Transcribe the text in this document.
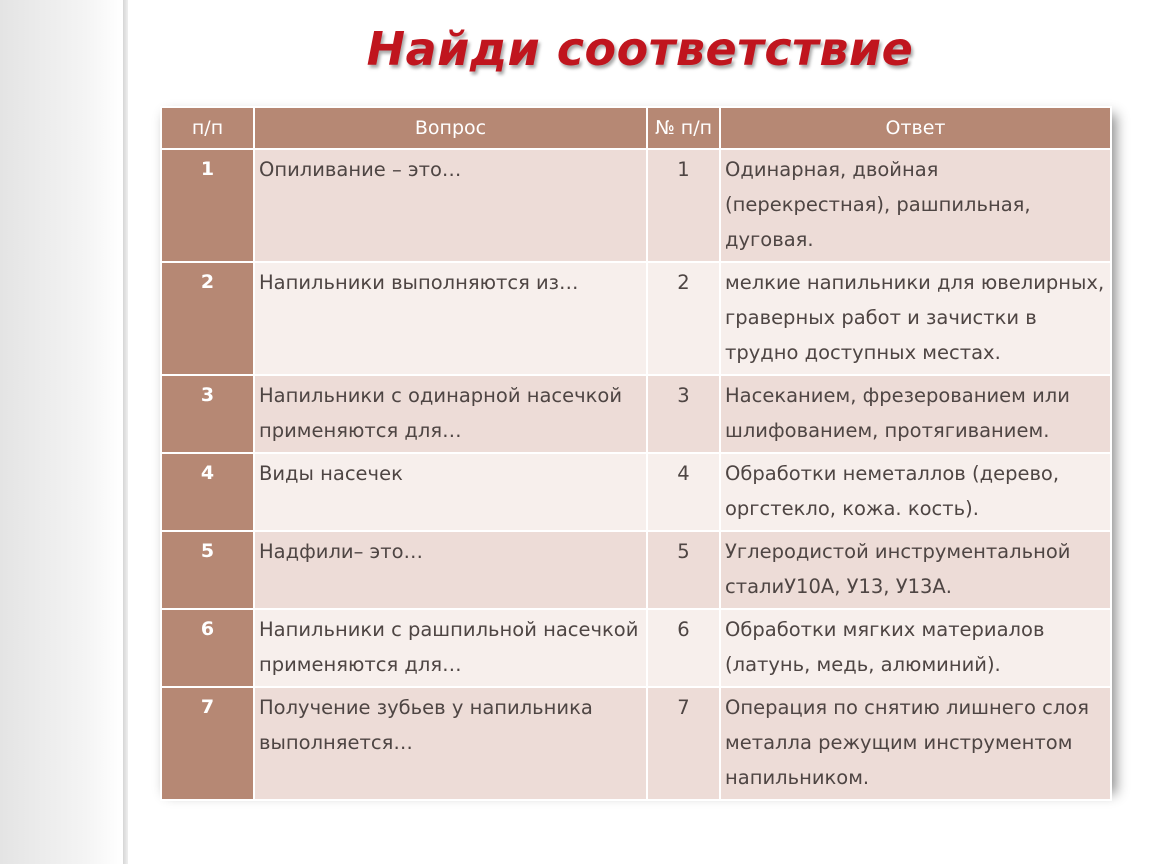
Найди соответствие
п/п	Вопрос	№ п/п	Ответ
1	Опиливание – это…	1	Одинарная, двойная (перекрестная), рашпильная, дуговая.
2	Напильники выполняются из…	2	мелкие напильники для ювелирных, граверных работ и зачистки в трудно доступных местах.
3	Напильники с одинарной насечкой применяются для…	3	Насеканием, фрезерованием или шлифованием, протягиванием.
4	Виды насечек	4	Обработки неметаллов (дерево, оргстекло, кожа. кость).
5	Надфили– это…	5	Углеродистой инструментальной сталиУ10А, У13, У13А.
6	Напильники с рашпильной насечкой применяются для…	6	Обработки мягких материалов (латунь, медь, алюминий).
7	Получение зубьев у напильника выполняется…	7	Операция по снятию лишнего слоя металла режущим инструментом напильником.
